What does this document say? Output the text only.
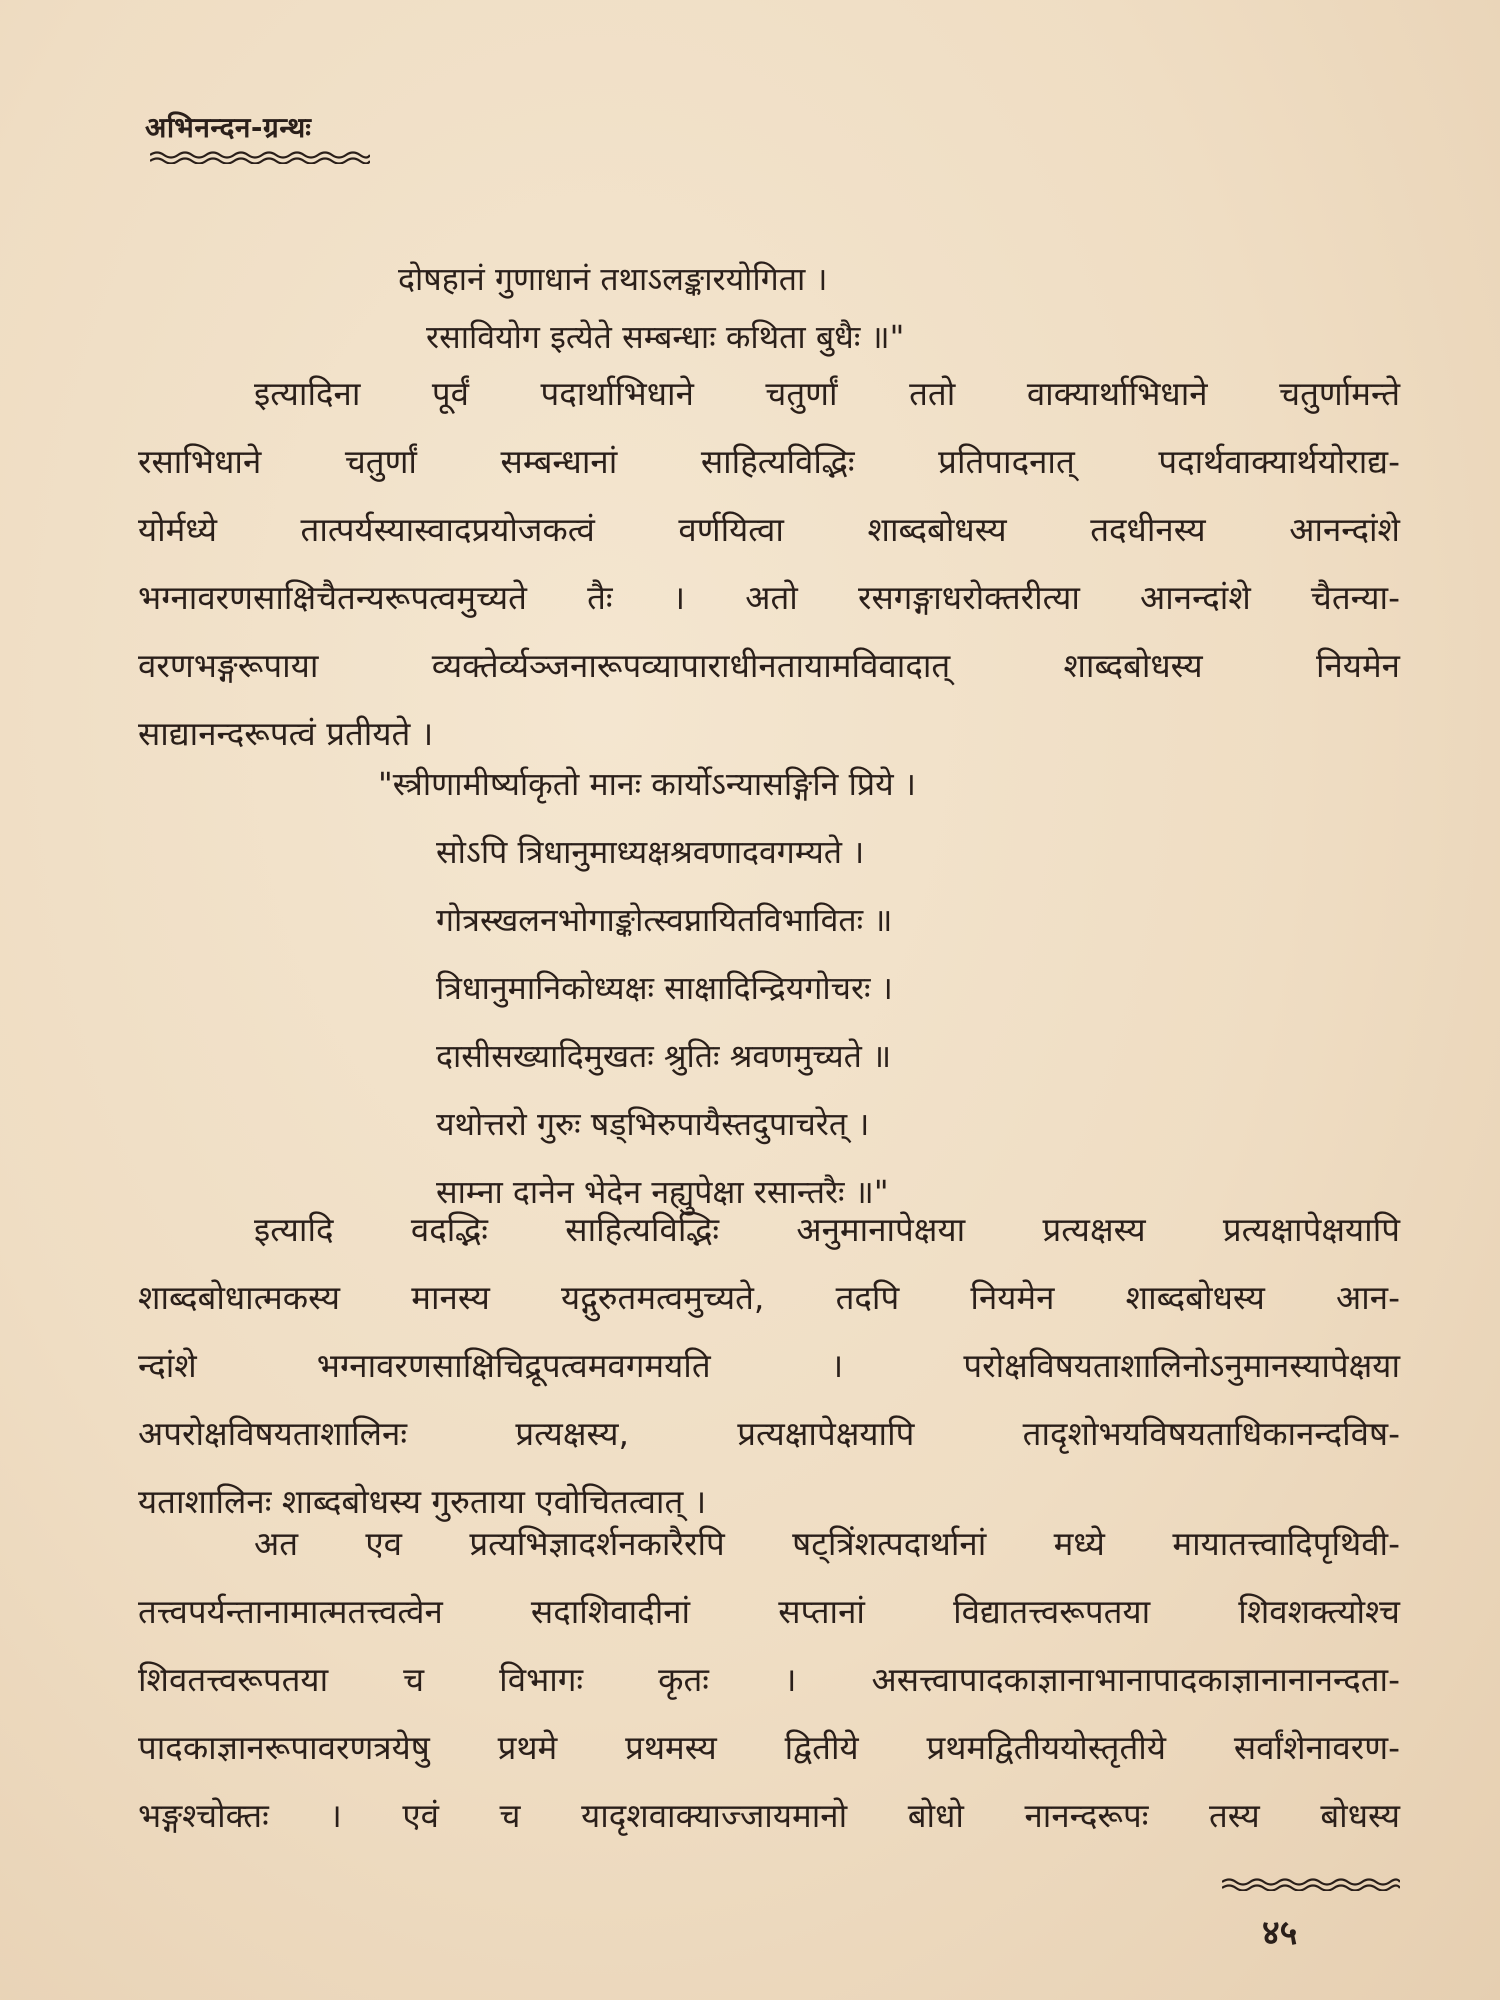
अभिनन्दन-ग्रन्थः
दोषहानं गुणाधानं तथाऽलङ्कारयोगिता ।
रसावियोग इत्येते सम्बन्धाः कथिता बुधैः ॥"
इत्यादिना पूर्वं पदार्थाभिधाने चतुर्णां ततो वाक्यार्थाभिधाने चतुर्णामन्ते
रसाभिधाने चतुर्णां सम्बन्धानां साहित्यविद्भिः प्रतिपादनात् पदार्थवाक्यार्थयोराद्य-
योर्मध्ये तात्पर्यस्यास्वादप्रयोजकत्वं वर्णयित्वा शाब्दबोधस्य तदधीनस्य आनन्दांशे
भग्नावरणसाक्षिचैतन्यरूपत्वमुच्यते तैः । अतो रसगङ्गाधरोक्तरीत्या आनन्दांशे चैतन्या-
वरणभङ्गरूपाया व्यक्तेर्व्यञ्जनारूपव्यापाराधीनतायामविवादात् शाब्दबोधस्य नियमेन
साद्यानन्दरूपत्वं प्रतीयते ।
"स्त्रीणामीर्ष्याकृतो मानः कार्योऽन्यासङ्गिनि प्रिये ।
सोऽपि त्रिधानुमाध्यक्षश्रवणादवगम्यते ।
गोत्रस्खलनभोगाङ्कोत्स्वप्नायितविभावितः ॥
त्रिधानुमानिकोध्यक्षः साक्षादिन्द्रियगोचरः ।
दासीसख्यादिमुखतः श्रुतिः श्रवणमुच्यते ॥
यथोत्तरो गुरुः षड्भिरुपायैस्तदुपाचरेत् ।
साम्ना दानेन भेदेन नह्युपेक्षा रसान्तरैः ॥"
इत्यादि वदद्भिः साहित्यविद्भिः अनुमानापेक्षया प्रत्यक्षस्य प्रत्यक्षापेक्षयापि
शाब्दबोधात्मकस्य मानस्य यद्गुरुतमत्वमुच्यते, तदपि नियमेन शाब्दबोधस्य आन-
न्दांशे भग्नावरणसाक्षिचिद्रूपत्वमवगमयति । परोक्षविषयताशालिनोऽनुमानस्यापेक्षया
अपरोक्षविषयताशालिनः प्रत्यक्षस्य, प्रत्यक्षापेक्षयापि तादृशोभयविषयताधिकानन्दविष-
यताशालिनः शाब्दबोधस्य गुरुताया एवोचितत्वात् ।
अत एव प्रत्यभिज्ञादर्शनकारैरपि षट्त्रिंशत्पदार्थानां मध्ये मायातत्त्वादिपृथिवी-
तत्त्वपर्यन्तानामात्मतत्त्वत्वेन सदाशिवादीनां सप्तानां विद्यातत्त्वरूपतया शिवशक्त्योश्च
शिवतत्त्वरूपतया च विभागः कृतः । असत्त्वापादकाज्ञानाभानापादकाज्ञानानानन्दता-
पादकाज्ञानरूपावरणत्रयेषु प्रथमे प्रथमस्य द्वितीये प्रथमद्वितीययोस्तृतीये सर्वांशेनावरण-
भङ्गश्चोक्तः । एवं च यादृशवाक्याज्जायमानो बोधो नानन्दरूपः तस्य बोधस्य
४५
